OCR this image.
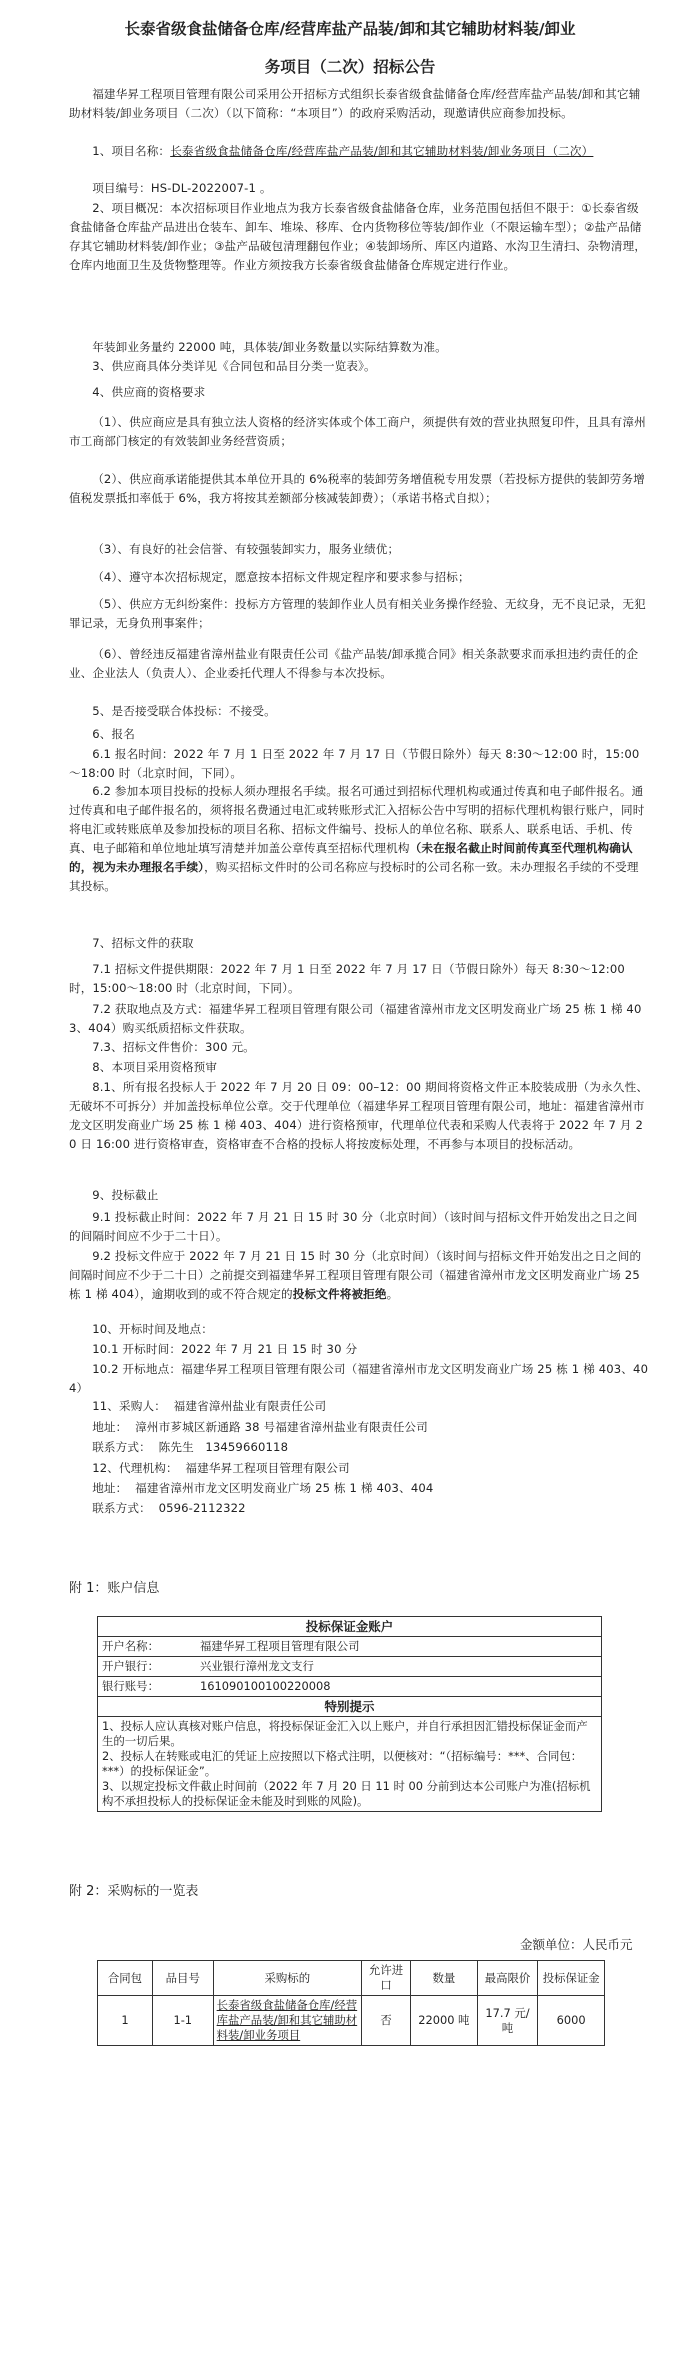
长泰省级食盐储备仓库/经营库盐产品装/卸和其它辅助材料装/卸业
务项目（二次）招标公告
福建华昇工程项目管理有限公司采用公开招标方式组织长泰省级食盐储备仓库/经营库盐产品装/卸和其它辅助材料装/卸业务项目（二次）（以下简称：“本项目”）的政府采购活动，现邀请供应商参加投标。
1、项目名称：长泰省级食盐储备仓库/经营库盐产品装/卸和其它辅助材料装/卸业务项目（二次）
项目编号：HS-DL-2022007-1 。
2、项目概况：本次招标项目作业地点为我方长泰省级食盐储备仓库，业务范围包括但不限于：①长泰省级食盐储备仓库盐产品进出仓装车、卸车、堆垛、移库、仓内货物移位等装/卸作业（不限运输车型）；②盐产品储存其它辅助材料装/卸作业；③盐产品破包清理翻包作业；④装卸场所、库区内道路、水沟卫生清扫、杂物清理，仓库内地面卫生及货物整理等。作业方须按我方长泰省级食盐储备仓库规定进行作业。
年装卸业务量约 22000 吨，具体装/卸业务数量以实际结算数为准。
3、供应商具体分类详见《合同包和品目分类一览表》。
4、供应商的资格要求
（1）、供应商应是具有独立法人资格的经济实体或个体工商户，须提供有效的营业执照复印件，且具有漳州市工商部门核定的有效装卸业务经营资质；
（2）、供应商承诺能提供其本单位开具的 6%税率的装卸劳务增值税专用发票（若投标方提供的装卸劳务增值税发票抵扣率低于 6%，我方将按其差额部分核减装卸费）；（承诺书格式自拟）；
（3）、有良好的社会信誉、有较强装卸实力，服务业绩优；
（4）、遵守本次招标规定，愿意按本招标文件规定程序和要求参与招标；
（5）、供应方无纠纷案件：投标方方管理的装卸作业人员有相关业务操作经验、无纹身，无不良记录，无犯罪记录，无身负刑事案件；
（6）、曾经违反福建省漳州盐业有限责任公司《盐产品装/卸承揽合同》相关条款要求而承担违约责任的企业、企业法人（负责人）、企业委托代理人不得参与本次投标。
5、是否接受联合体投标：不接受。
6、报名
6.1 报名时间：2022 年 7 月 1 日至 2022 年 7 月 17 日（节假日除外）每天 8:30～12:00 时，15:00～18:00 时（北京时间，下同）。
6.2 参加本项目投标的投标人须办理报名手续。报名可通过到招标代理机构或通过传真和电子邮件报名。通过传真和电子邮件报名的，须将报名费通过电汇或转账形式汇入招标公告中写明的招标代理机构银行账户，同时将电汇或转账底单及参加投标的项目名称、招标文件编号、投标人的单位名称、联系人、联系电话、手机、传真、电子邮箱和单位地址填写清楚并加盖公章传真至招标代理机构（未在报名截止时间前传真至代理机构确认的，视为未办理报名手续），购买招标文件时的公司名称应与投标时的公司名称一致。未办理报名手续的不受理其投标。
7、招标文件的获取
7.1 招标文件提供期限：2022 年 7 月 1 日至 2022 年 7 月 17 日（节假日除外）每天 8:30～12:00 时，15:00～18:00 时（北京时间，下同）。
7.2 获取地点及方式：福建华昇工程项目管理有限公司（福建省漳州市龙文区明发商业广场 25 栋 1 梯 403、404）购买纸质招标文件获取。
7.3、招标文件售价：300 元。
8、本项目采用资格预审
8.1、所有报名投标人于 2022 年 7 月 20 日 09：00–12：00 期间将资格文件正本胶装成册（为永久性、无破坏不可拆分）并加盖投标单位公章。交于代理单位（福建华昇工程项目管理有限公司，地址：福建省漳州市龙文区明发商业广场 25 栋 1 梯 403、404）进行资格预审，代理单位代表和采购人代表将于 2022 年 7 月 20 日 16:00 进行资格审查，资格审查不合格的投标人将按废标处理，不再参与本项目的投标活动。
9、投标截止
9.1 投标截止时间：2022 年 7 月 21 日 15 时 30 分（北京时间）（该时间与招标文件开始发出之日之间的间隔时间应不少于二十日）。
9.2 投标文件应于 2022 年 7 月 21 日 15 时 30 分（北京时间）（该时间与招标文件开始发出之日之间的间隔时间应不少于二十日）之前提交到福建华昇工程项目管理有限公司（福建省漳州市龙文区明发商业广场 25 栋 1 梯 404），逾期收到的或不符合规定的投标文件将被拒绝。
10、开标时间及地点：
10.1 开标时间：2022 年 7 月 21 日 15 时 30 分
10.2 开标地点：福建华昇工程项目管理有限公司（福建省漳州市龙文区明发商业广场 25 栋 1 梯 403、404）
11、采购人：  福建省漳州盐业有限责任公司
地址：  漳州市芗城区新通路 38 号福建省漳州盐业有限责任公司
联系方式：  陈先生   13459660118
12、代理机构：  福建华昇工程项目管理有限公司
地址：  福建省漳州市龙文区明发商业广场 25 栋 1 梯 403、404
联系方式：  0596-2112322
附 1：账户信息
投标保证金账户	
开户名称：	福建华昇工程项目管理有限公司
开户银行：	兴业银行漳州龙文支行
银行账号：	161090100100220008
特别提示	

1、投标人应认真核对账户信息，将投标保证金汇入以上账户，并自行承担因汇错投标保证金而产生的一切后果。
2、投标人在转账或电汇的凭证上应按照以下格式注明，以便核对：“（招标编号：***、合同包：***）的投标保证金”。
3、以规定投标文件截止时间前（2022 年 7 月 20 日 11 时 00 分前到达本公司账户为准(招标机构不承担投标人的投标保证金未能及时到账的风险)。	
附 2：采购标的一览表
金额单位：人民币元
合同包	品目号	采购标的	允许进口	数量	最高限价	投标保证金
1	1-1	长泰省级食盐储备仓库/经营库盐产品装/卸和其它辅助材料装/卸业务项目	否	22000 吨	17.7 元/吨	6000
